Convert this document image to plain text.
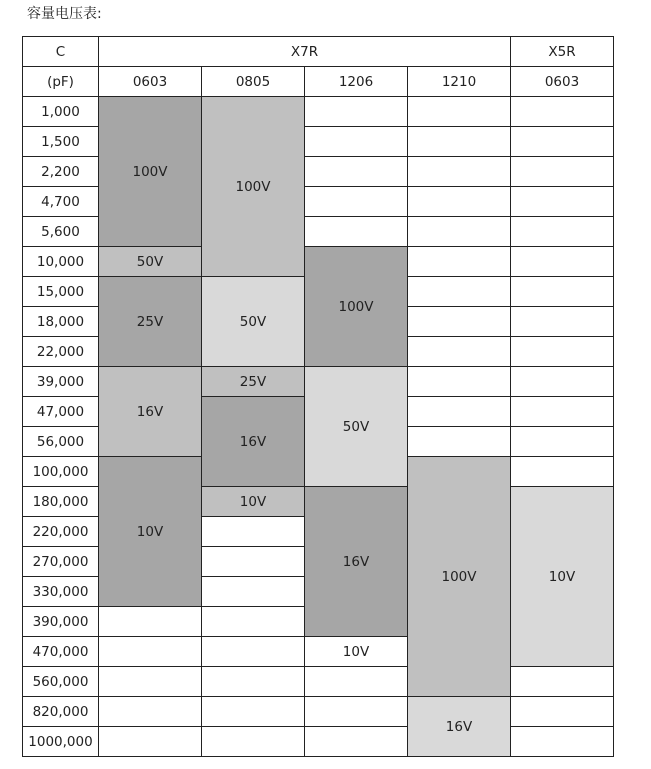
容量电压表:
C	X7R				X5R
(pF)	0603	0805	1206	1210	0603
1,000	100V	100V			
1,500					
2,200					
4,700					
5,600					
10,000	50V		100V		
15,000	25V	50V			
18,000					
22,000					
39,000	16V	25V	50V		
47,000		16V			
56,000					
100,000	10V			100V	
180,000		10V	16V		10V
220,000					
270,000					
330,000					
390,000					
470,000			10V		
560,000					
820,000				16V	
1000,000					
